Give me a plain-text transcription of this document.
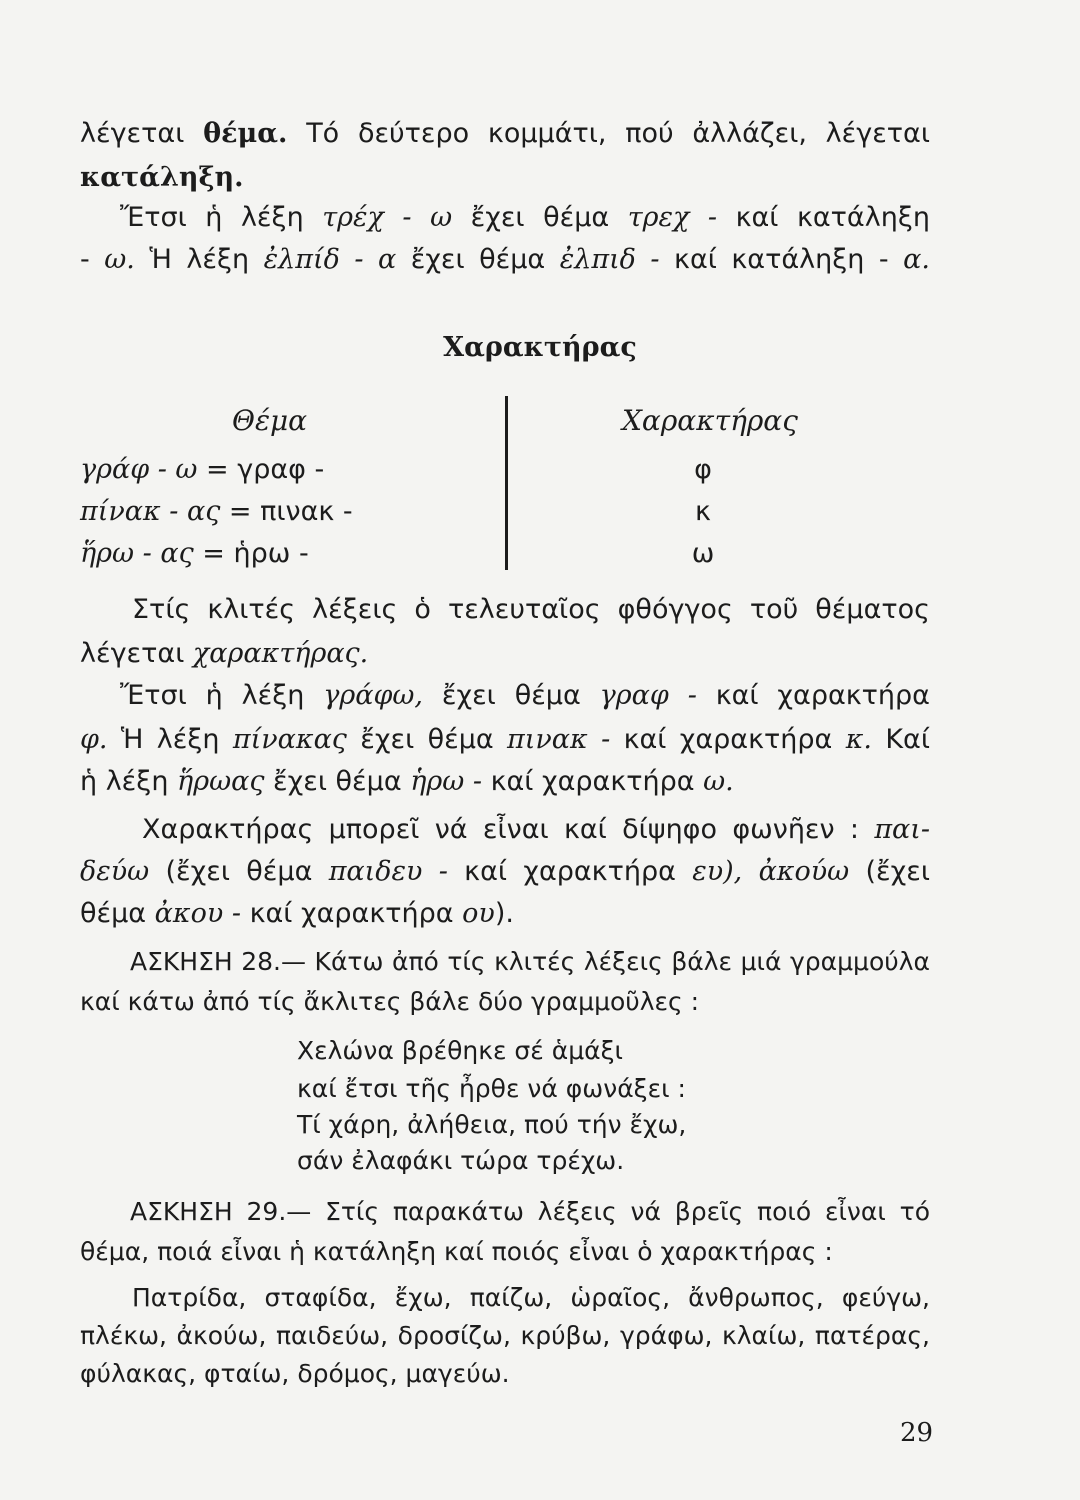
λέγεται θέμα. Τό δεύτερο κομμάτι, πού ἀλλάζει, λέγεται
κατάληξη.
Ἔτσι ἡ λέξη τρέχ - ω ἔχει θέμα τρεχ - καί κατάληξη
- ω. Ἡ λέξη ἐλπίδ - α ἔχει θέμα ἐλπιδ - καί κατάληξη - α.
Χαρακτήρας
Θέμα	Χαρακτήρας
γράφ - ω = γραφ -	φ
πίνακ - ας = πινακ -	κ
ἥρω - ας = ἡρω -	ω
Στίς κλιτές λέξεις ὁ τελευταῖος φθόγγος τοῦ θέματος
λέγεται χαρακτήρας.
Ἔτσι ἡ λέξη γράφω, ἔχει θέμα γραφ - καί χαρακτήρα
φ. Ἡ λέξη πίνακας ἔχει θέμα πινακ - καί χαρακτήρα κ. Καί
ἡ λέξη ἥρωας ἔχει θέμα ἡρω - καί χαρακτήρα ω.
Χαρακτήρας μπορεῖ νά εἶναι καί δίψηφο φωνῆεν : παι-
δεύω (ἔχει θέμα παιδευ - καί χαρακτήρα ευ), ἀκούω (ἔχει
θέμα ἀκου - καί χαρακτήρα ου).
ΑΣΚΗΣΗ 28.— Κάτω ἀπό τίς κλιτές λέξεις βάλε μιά γραμμούλα
καί κάτω ἀπό τίς ἄκλιτες βάλε δύο γραμμοῦλες :
Χελώνα βρέθηκε σέ ἁμάξι
καί ἔτσι τῆς ἦρθε νά φωνάξει :
Τί χάρη, ἀλήθεια, πού τήν ἔχω,
σάν ἐλαφάκι τώρα τρέχω.
ΑΣΚΗΣΗ 29.— Στίς παρακάτω λέξεις νά βρεῖς ποιό εἶναι τό
θέμα, ποιά εἶναι ἡ κατάληξη καί ποιός εἶναι ὁ χαρακτήρας :
Πατρίδα, σταφίδα, ἔχω, παίζω, ὡραῖος, ἄνθρωπος, φεύγω,
πλέκω, ἀκούω, παιδεύω, δροσίζω, κρύβω, γράφω, κλαίω, πατέρας,
φύλακας, φταίω, δρόμος, μαγεύω.
29
